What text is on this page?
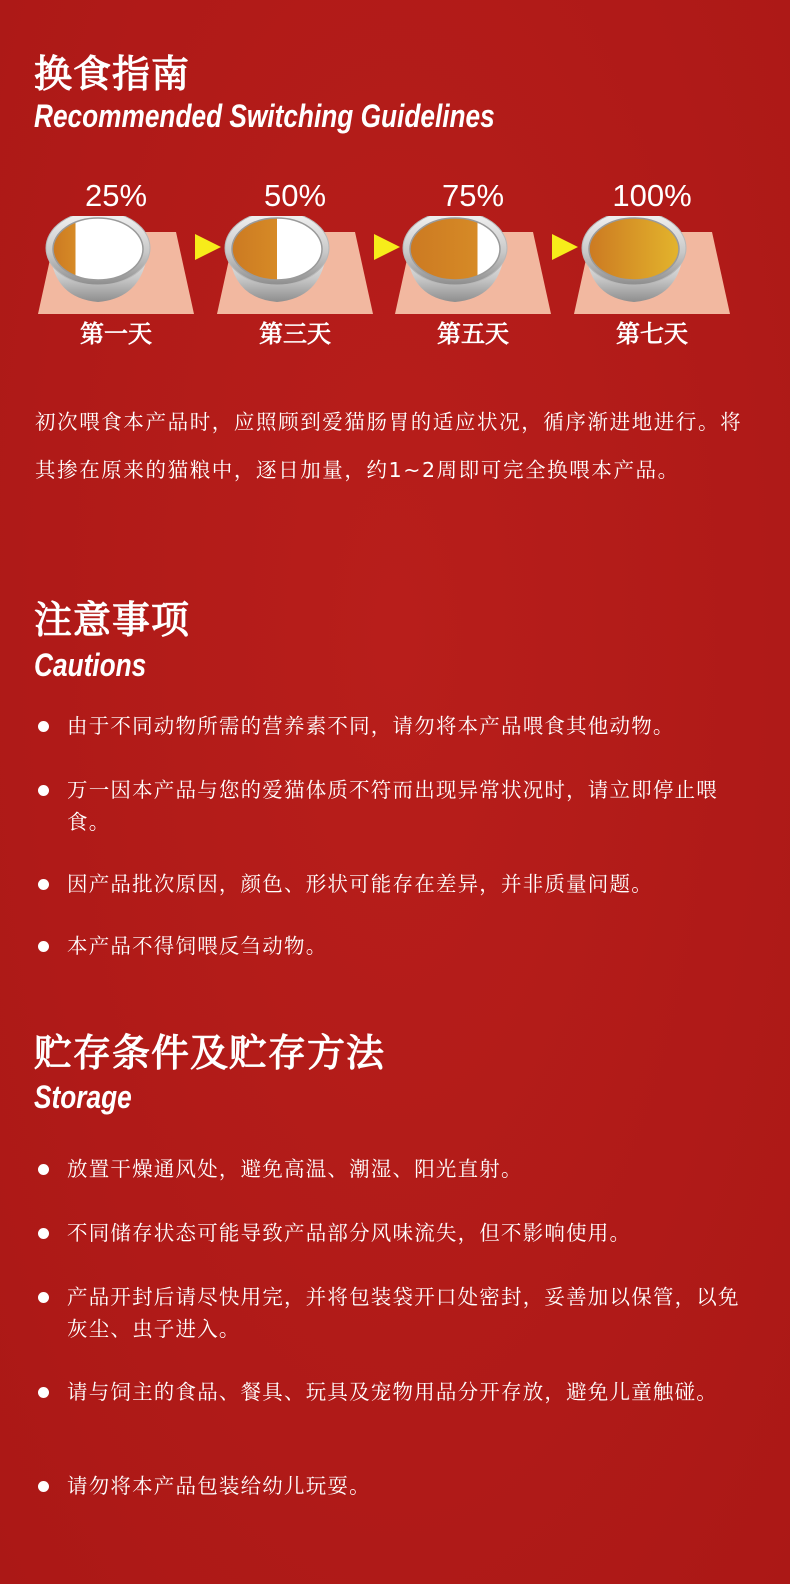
换食指南
Recommended Switching Guidelines
25%
第一天
50%
第三天
75%
第五天
100%
第七天
初次喂食本产品时，应照顾到爱猫肠胃的适应状况，循序渐进地进行。将其掺在原来的猫粮中，逐日加量，约1~2周即可完全换喂本产品。
注意事项
Cautions
由于不同动物所需的营养素不同，请勿将本产品喂食其他动物。
万一因本产品与您的爱猫体质不符而出现异常状况时，请立即停止喂食。
因产品批次原因，颜色、形状可能存在差异，并非质量问题。
本产品不得饲喂反刍动物。
贮存条件及贮存方法
Storage
放置干燥通风处，避免高温、潮湿、阳光直射。
不同储存状态可能导致产品部分风味流失，但不影响使用。
产品开封后请尽快用完，并将包装袋开口处密封，妥善加以保管，以免灰尘、虫子进入。
请与饲主的食品、餐具、玩具及宠物用品分开存放，避免儿童触碰。
请勿将本产品包装给幼儿玩耍。
